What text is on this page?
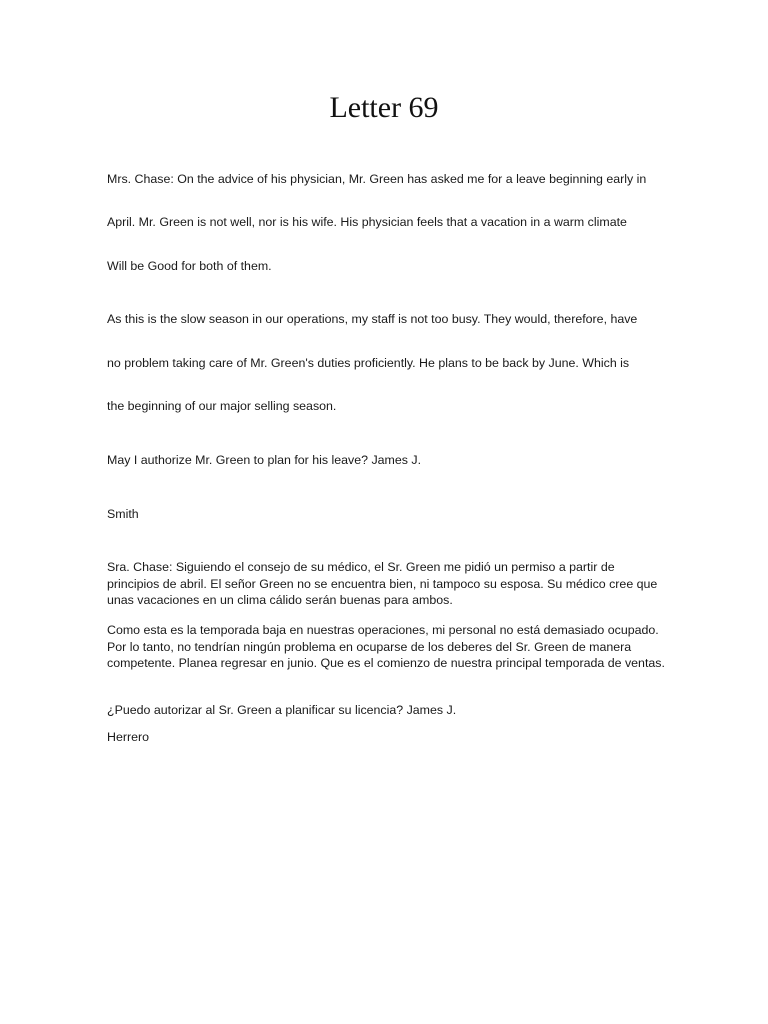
Letter 69
Mrs. Chase: On the advice of his physician, Mr. Green has asked me for a leave beginning early in
April. Mr. Green is not well, nor is his wife. His physician feels that a vacation in a warm climate
Will be Good for both of them.
As this is the slow season in our operations, my staff is not too busy. They would, therefore, have
no problem taking care of Mr. Green's duties proficiently. He plans to be back by June. Which is
the beginning of our major selling season.
May I authorize Mr. Green to plan for his leave? James J.
Smith
Sra. Chase: Siguiendo el consejo de su médico, el Sr. Green me pidió un permiso a partir de principios de abril. El señor Green no se encuentra bien, ni tampoco su esposa. Su médico cree que unas vacaciones en un clima cálido serán buenas para ambos.
Como esta es la temporada baja en nuestras operaciones, mi personal no está demasiado ocupado. Por lo tanto, no tendrían ningún problema en ocuparse de los deberes del Sr. Green de manera competente. Planea regresar en junio. Que es el comienzo de nuestra principal temporada de ventas.
¿Puedo autorizar al Sr. Green a planificar su licencia? James J.
Herrero
